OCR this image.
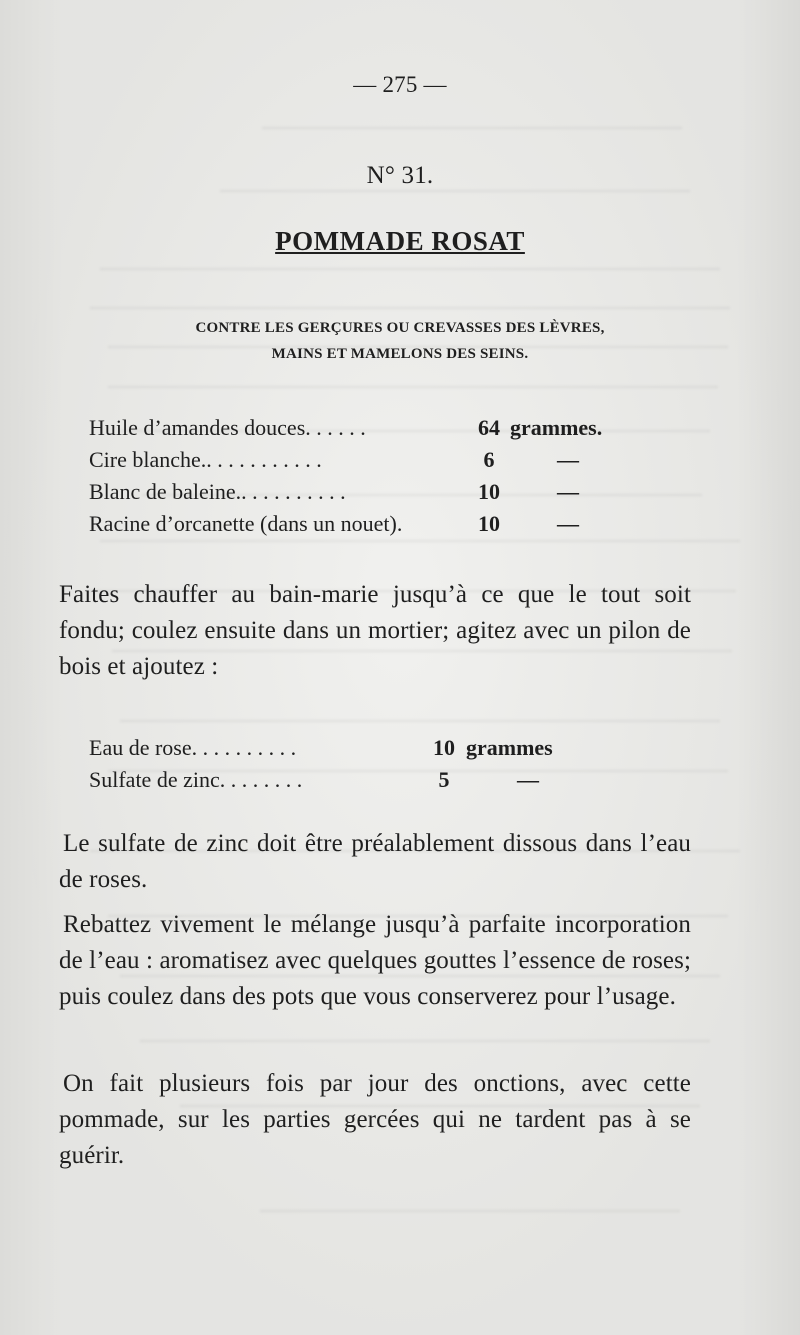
— 275 —
N° 31.
POMMADE ROSAT
CONTRE LES GERÇURES OU CREVASSES DES LÈVRES,
MAINS ET MAMELONS DES SEINS.
Huile d’amandes douces. . . . . .	64 grammes.
Cire blanche.. . . . . . . . . . .	6	—
Blanc de baleine.. . . . . . . . . .	10	—
Racine d’orcanette (dans un nouet).	10	—
Faites chauffer au bain-marie jusqu’à ce que le tout soit fondu; coulez ensuite dans un mortier; agitez avec un pilon de bois et ajoutez :
Eau de rose. . . . . . . . . .	10 grammes
Sulfate de zinc. . . . . . . .	5	—
Le sulfate de zinc doit être préalablement dissous dans l’eau de roses.
Rebattez vivement le mélange jusqu’à parfaite incorporation de l’eau : aromatisez avec quelques gouttes l’essence de roses; puis coulez dans des pots que vous conserverez pour l’usage.
On fait plusieurs fois par jour des onctions, avec cette pommade, sur les parties gercées qui ne tardent pas à se guérir.
